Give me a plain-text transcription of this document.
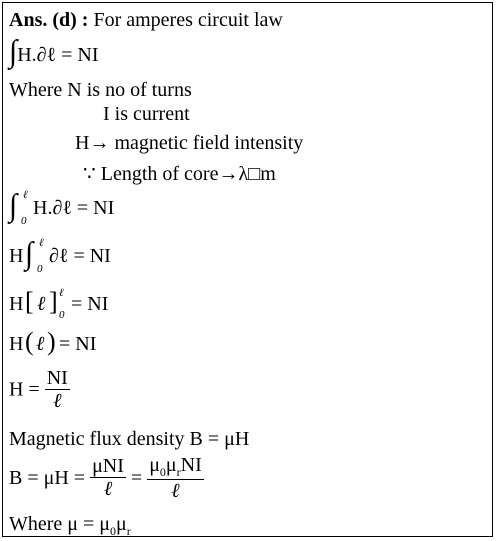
Ans. (d) : For amperes circuit law
∫H.∂ℓ = NI
Where N is no of turns
I is current
H→ magnetic field intensity
∵ Length of core→λ□m
∫ ℓ
0
H.∂ℓ = NI
H ∫ ℓ
0
∂ℓ = NI
H [ ℓ ] ℓ
0 = NI
H ( ℓ ) = NI
$H = \frac{NI}{\text{ℓ}}$
Magnetic flux density B = μH
$B = \mu H = \frac{\text{μNI}}{\text{ℓ}} = \frac{\mu_0\mu_rNI}{\text{ℓ}}$
Where $\mu = \mu_0\mu_r$
